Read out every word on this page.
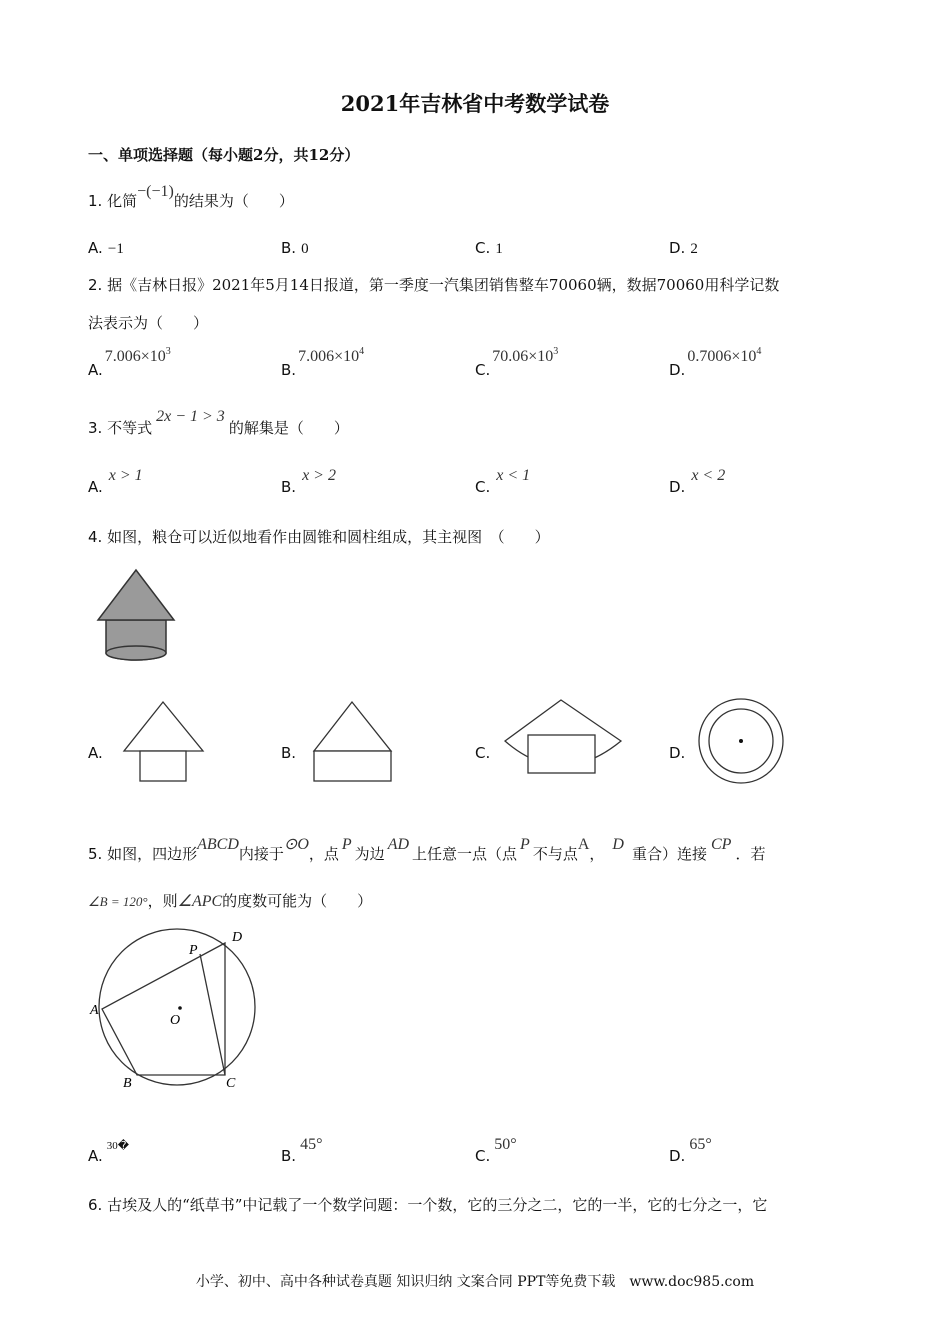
2021年吉林省中考数学试卷
一、单项选择题（每小题2分，共12分）
1. 化简−(−1)的结果为（　　）
A. −1	B. 0	C. 1	D. 2
2. 据《吉林日报》2021年5月14日报道，第一季度一汽集团销售整车70060辆，数据70060用科学记数
法表示为（　　）
$A.7.006\times 10^3$
$B.7.006\times 10^4$
$C.70.06\times 10^3$
$D.0.7006\times 10^4$
3. 不等式2x − 1 > 3的解集是（　　）
A.x > 1
B.x > 2
C.x < 1
D.x < 2
4. 如图，粮仓可以近似地看作由圆锥和圆柱组成，其主视图　（　　）
A.	B.	C.	D.
5. 如图，四边形ABCD内接于⊙O，点P为边AD上任意一点（点P不与点A，D重合）连接CP．若
∠B = 120°，则∠APC的度数可能为（　　）
A
B	C
D
P
O
A.30�
B.45°
C.50°
D.65°
6. 古埃及人的“纸草书”中记载了一个数学问题：一个数，它的三分之二，它的一半，它的七分之一，它
小学、初中、高中各种试卷真题 知识归纳 文案合同 PPT等免费下载　www.doc985.com
